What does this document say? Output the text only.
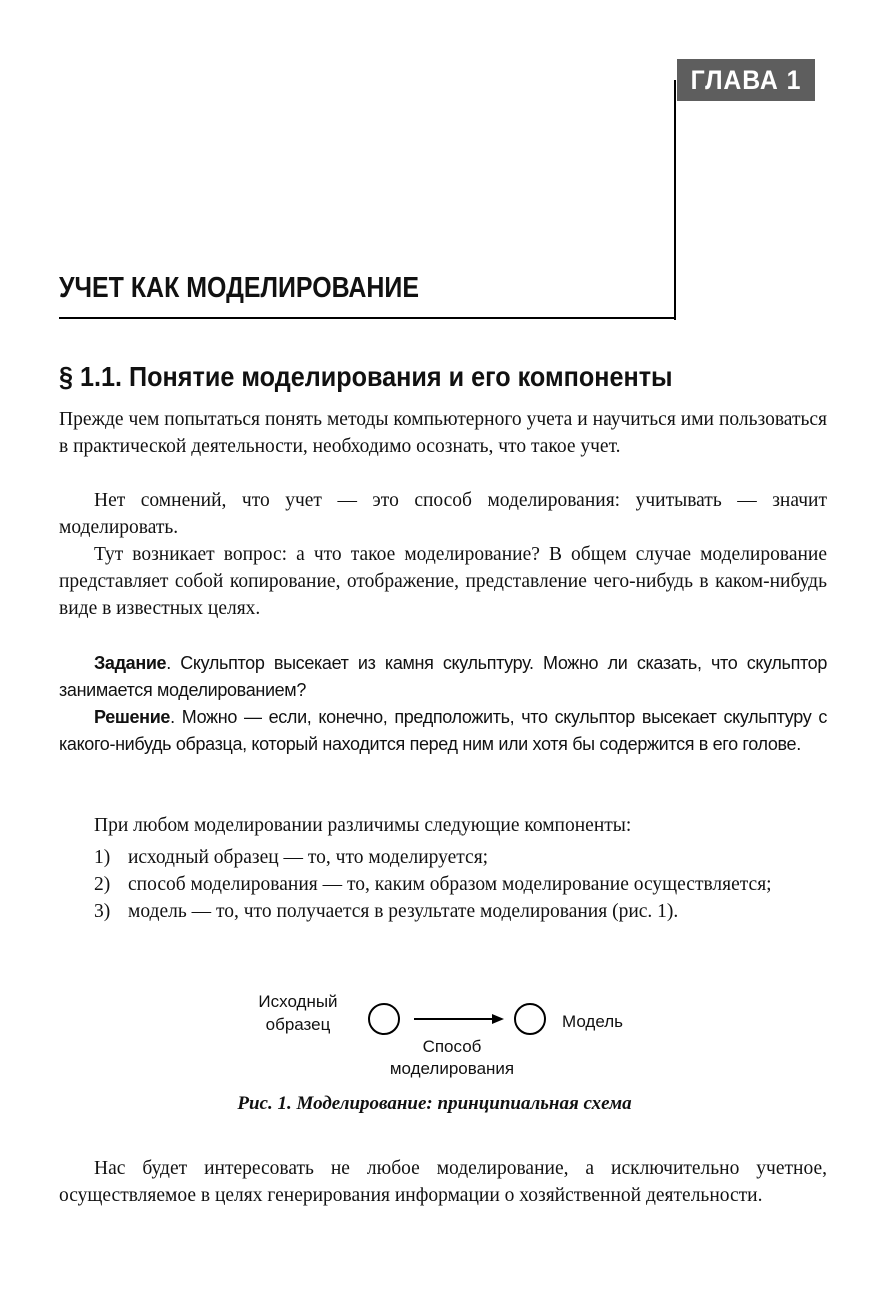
ГЛАВА 1
УЧЕТ КАК МОДЕЛИРОВАНИЕ
§ 1.1. Понятие моделирования и его компоненты

Прежде чем попытаться понять методы компьютерного учета и научиться ими пользоваться в практической деятельности, необходимо осознать, что такое учет.

Нет сомнений, что учет — это способ моделирования: учитывать — значит моделировать.

Тут возникает вопрос: а что такое моделирование? В общем случае моделирование представляет собой копирование, отображение, представление чего-нибудь в каком-нибудь виде в известных целях.

Задание. Скульптор высекает из камня скульптуру. Можно ли сказать, что скульптор занимается моделированием?

Решение. Можно — если, конечно, предположить, что скульптор высекает скульптуру с какого-нибудь образца, который находится перед ним или хотя бы содержится в его голове.

При любом моделировании различимы следующие компоненты:

1) исходный образец — то, что моделируется;
2) способ моделирования — то, каким образом моделирование осуществляется;
3) модель — то, что получается в результате моделирования (рис. 1).
Исходный
образец	Модель
Способ
моделирования

Рис. 1. Моделирование: принципиальная схема

Нас будет интересовать не любое моделирование, а исключительно учетное, осуществляемое в целях генерирования информации о хозяйственной деятельности.
